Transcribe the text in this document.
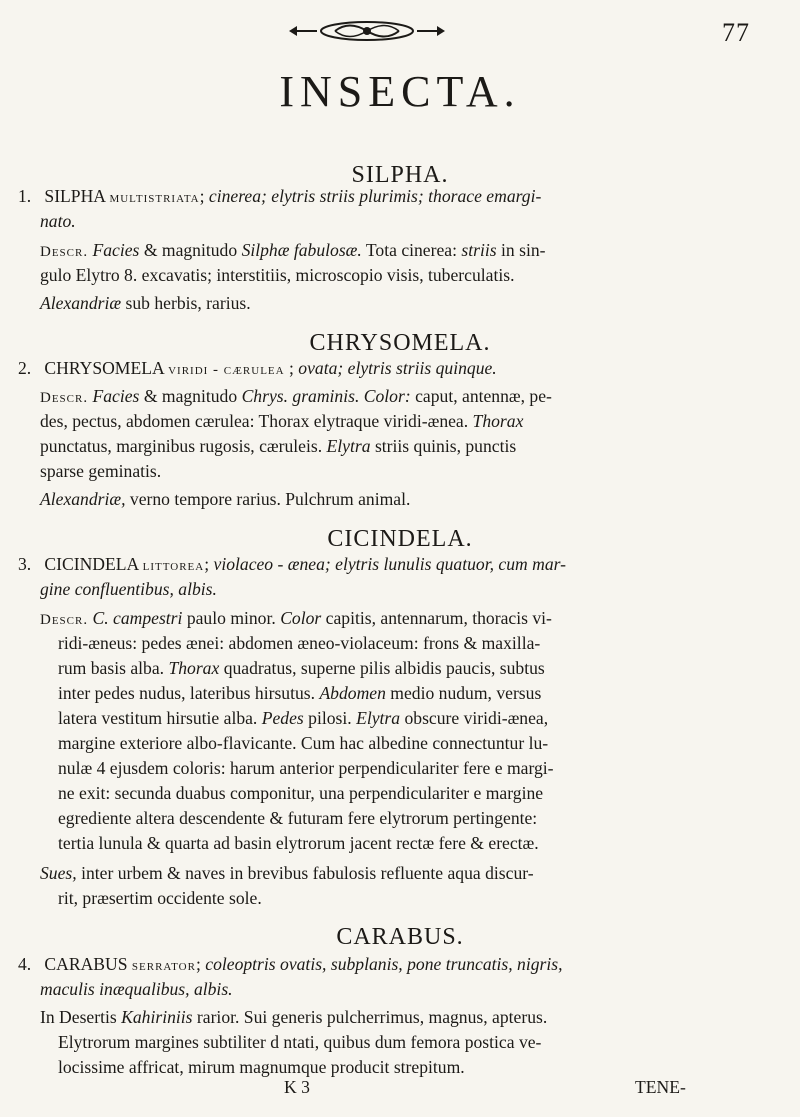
77
INSECTA.
SILPHA.
1. SILPHA multistriata; cinerea; elytris striis plurimis; thorace emargi-
nato.
Descr. Facies & magnitudo Silphæ fabulosæ. Tota cinerea: striis in sin-
gulo Elytro 8. excavatis; interstitiis, microscopio visis, tuberculatis.
Alexandriæ sub herbis, rarius.
CHRYSOMELA.
2. CHRYSOMELA viridi - cærulea ; ovata; elytris striis quinque.
Descr. Facies & magnitudo Chrys. graminis. Color: caput, antennæ, pe-
des, pectus, abdomen cærulea: Thorax elytraque viridi-ænea. Thorax
punctatus, marginibus rugosis, cæruleis. Elytra striis quinis, punctis
sparse geminatis.
Alexandriæ, verno tempore rarius. Pulchrum animal.
CICINDELA.
3. CICINDELA littorea; violaceo - ænea; elytris lunulis quatuor, cum mar-
gine confluentibus, albis.
Descr. C. campestri paulo minor. Color capitis, antennarum, thoracis vi-
ridi-æneus: pedes ænei: abdomen æneo-violaceum: frons & maxilla-
rum basis alba. Thorax quadratus, superne pilis albidis paucis, subtus
inter pedes nudus, lateribus hirsutus. Abdomen medio nudum, versus
latera vestitum hirsutie alba. Pedes pilosi. Elytra obscure viridi-ænea,
margine exteriore albo-flavicante. Cum hac albedine connectuntur lu-
nulæ 4 ejusdem coloris: harum anterior perpendiculariter fere e margi-
ne exit: secunda duabus componitur, una perpendiculariter e margine
egrediente altera descendente & futuram fere elytrorum pertingente:
tertia lunula & quarta ad basin elytrorum jacent rectæ fere & erectæ.
Sues, inter urbem & naves in brevibus fabulosis refluente aqua discur-
rit, præsertim occidente sole.
CARABUS.
4. CARABUS serrator; coleoptris ovatis, subplanis, pone truncatis, nigris,
maculis inæqualibus, albis.
In Desertis Kahiriniis rarior. Sui generis pulcherrimus, magnus, apterus.
Elytrorum margines subtiliter d ntati, quibus dum femora postica ve-
locissime affricat, mirum magnumque producit strepitum.
K 3	TENE-
